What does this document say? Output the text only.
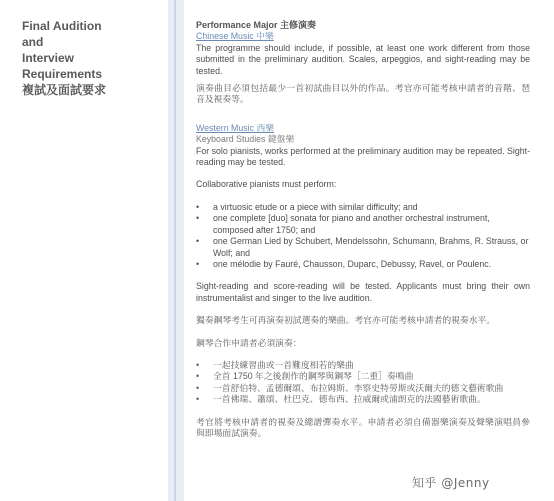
Final Audition
and
Interview
Requirements
複試及面試要求
Performance Major 主修演奏
Chinese Music 中樂

The programme should include, if possible, at least one work different from those submitted in the preliminary audition. Scales, arpeggios, and sight-reading may be tested.

演奏曲目必須包括最少一首初試曲目以外的作品。考官亦可能考核申請者的音階、琶音及視奏等。

Western Music 西樂
Keyboard Studies 鍵盤樂

For solo pianists, works performed at the preliminary audition may be repeated. Sight-reading may be tested.

Collaborative pianists must perform:

• a virtuosic etude or a piece with similar difficulty; and
• one complete [duo] sonata for piano and another orchestral instrument, composed after 1750; and
• one German Lied by Schubert, Mendelssohn, Schumann, Brahms, R. Strauss, or Wolf; and
• one mélodie by Fauré, Chausson, Duparc, Debussy, Ravel, or Poulenc.

Sight-reading and score-reading will be tested. Applicants must bring their own instrumentalist and singer to the live audition.

獨奏鋼琴考生可再演奏初試選奏的樂曲。考官亦可能考核申請者的視奏水平。

鋼琴合作申請者必須演奏：

• 一起技練習曲或一首難度相若的樂曲
• 全首 1750 年之後創作的鋼琴與鋼琴［二重］奏鳴曲
• 一首舒伯特、孟德爾頌、布拉姆斯、李察史特勞斯或沃爾夫的德文藝術歌曲
• 一首佛瑞、蕭頌、杜巴克、德布西、拉威爾或浦朗克的法國藝術歌曲。

考官將考核申請者的視奏及總譜彈奏水平。申請者必須自備器樂演奏及聲樂演唱員參與即場面試演奏。

知乎 @Jenny
